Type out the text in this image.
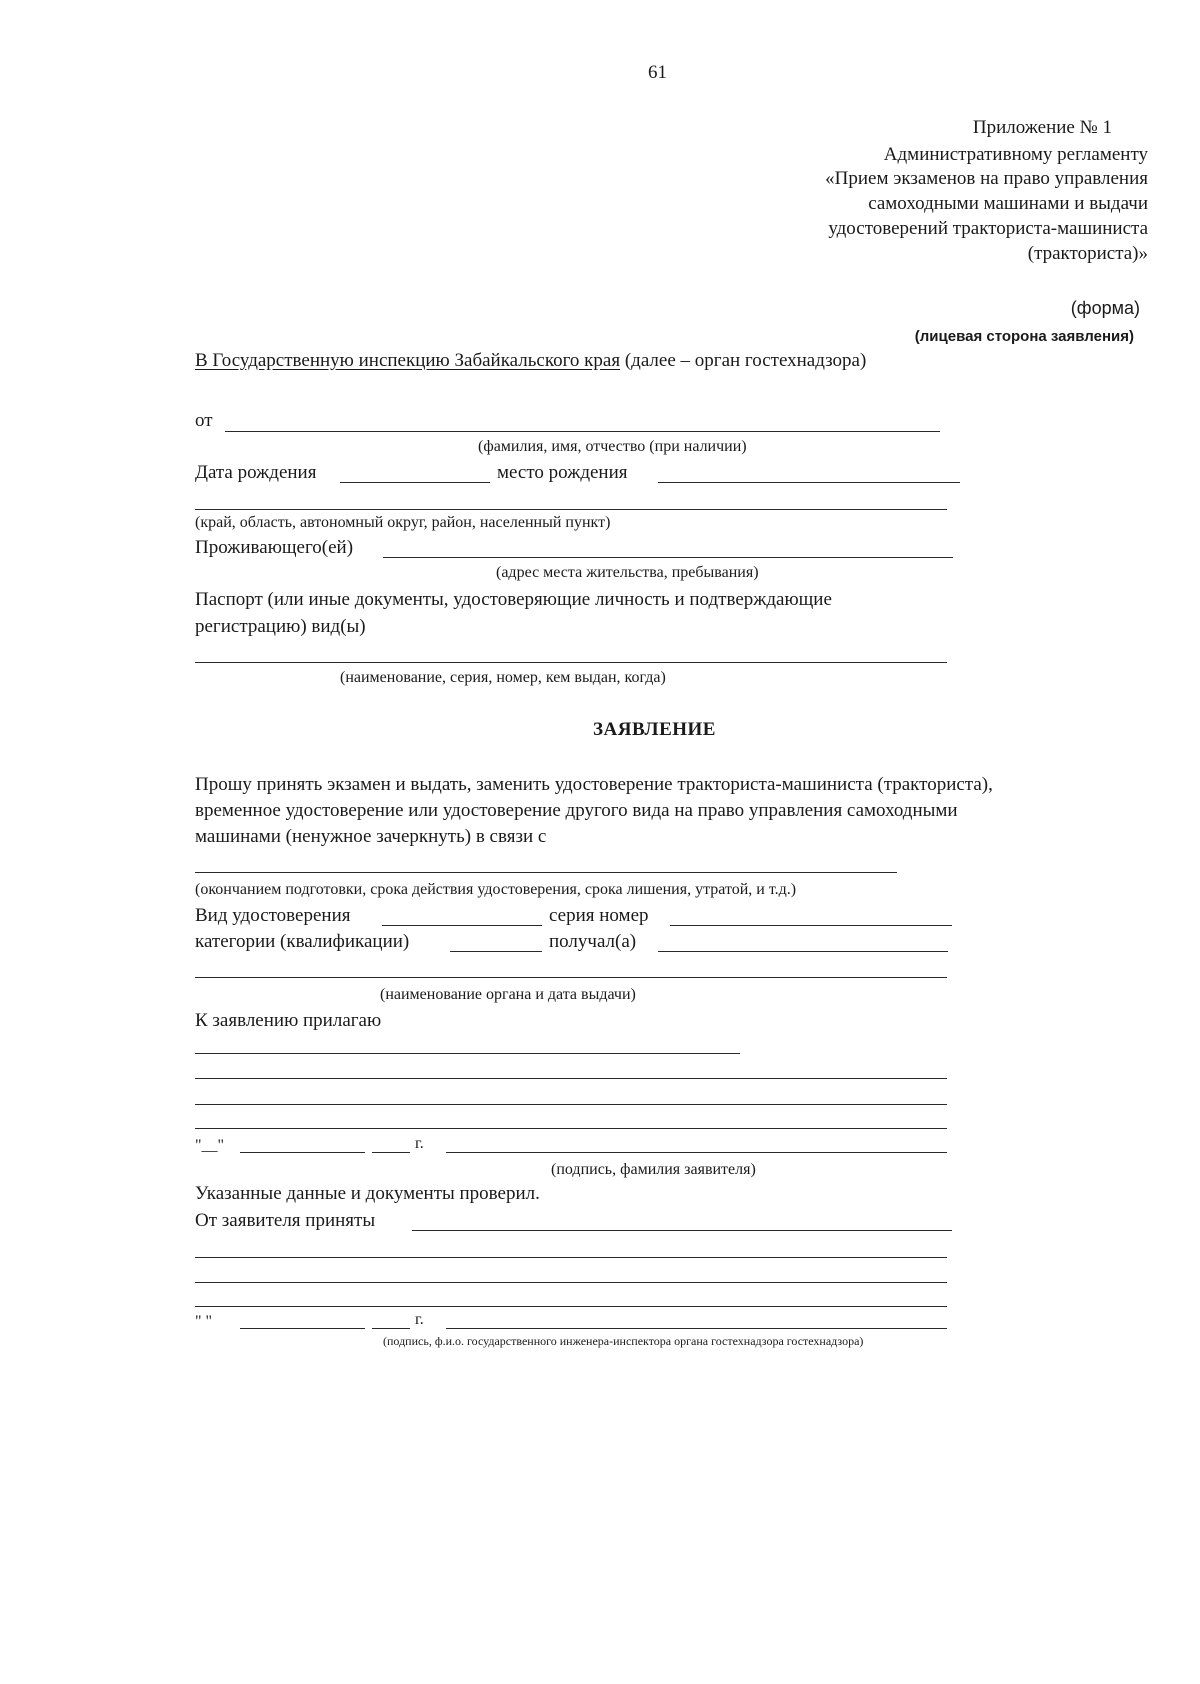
61
Приложение № 1
Административному регламенту
«Прием экзаменов на право управления
самоходными машинами и выдачи
удостоверений тракториста-машиниста
(тракториста)»
(форма)
(лицевая сторона заявления)
В Государственную инспекцию Забайкальского края (далее – орган гостехнадзора)
от
(фамилия, имя, отчество (при наличии)
Дата рождения	место рождения
(край, область, автономный округ, район, населенный пункт)
Проживающего(ей)
(адрес места жительства, пребывания)
Паспорт (или иные документы, удостоверяющие личность и подтверждающие
регистрацию) вид(ы)
(наименование, серия, номер, кем выдан, когда)
ЗАЯВЛЕНИЕ
Прошу принять экзамен и выдать, заменить удостоверение тракториста-машиниста (тракториста),
временное удостоверение или удостоверение другого вида на право управления самоходными
машинами (ненужное зачеркнуть) в связи с
(окончанием подготовки, срока действия удостоверения, срока лишения, утратой, и т.д.)
Вид удостоверения	серия номер
категории (квалификации)	получал(а)
(наименование органа и дата выдачи)
К заявлению прилагаю
"__"	г.
(подпись, фамилия заявителя)
Указанные данные и документы проверил.
От заявителя приняты
" "	г.
(подпись, ф.и.о. государственного инженера-инспектора органа гостехнадзора гостехнадзора)
